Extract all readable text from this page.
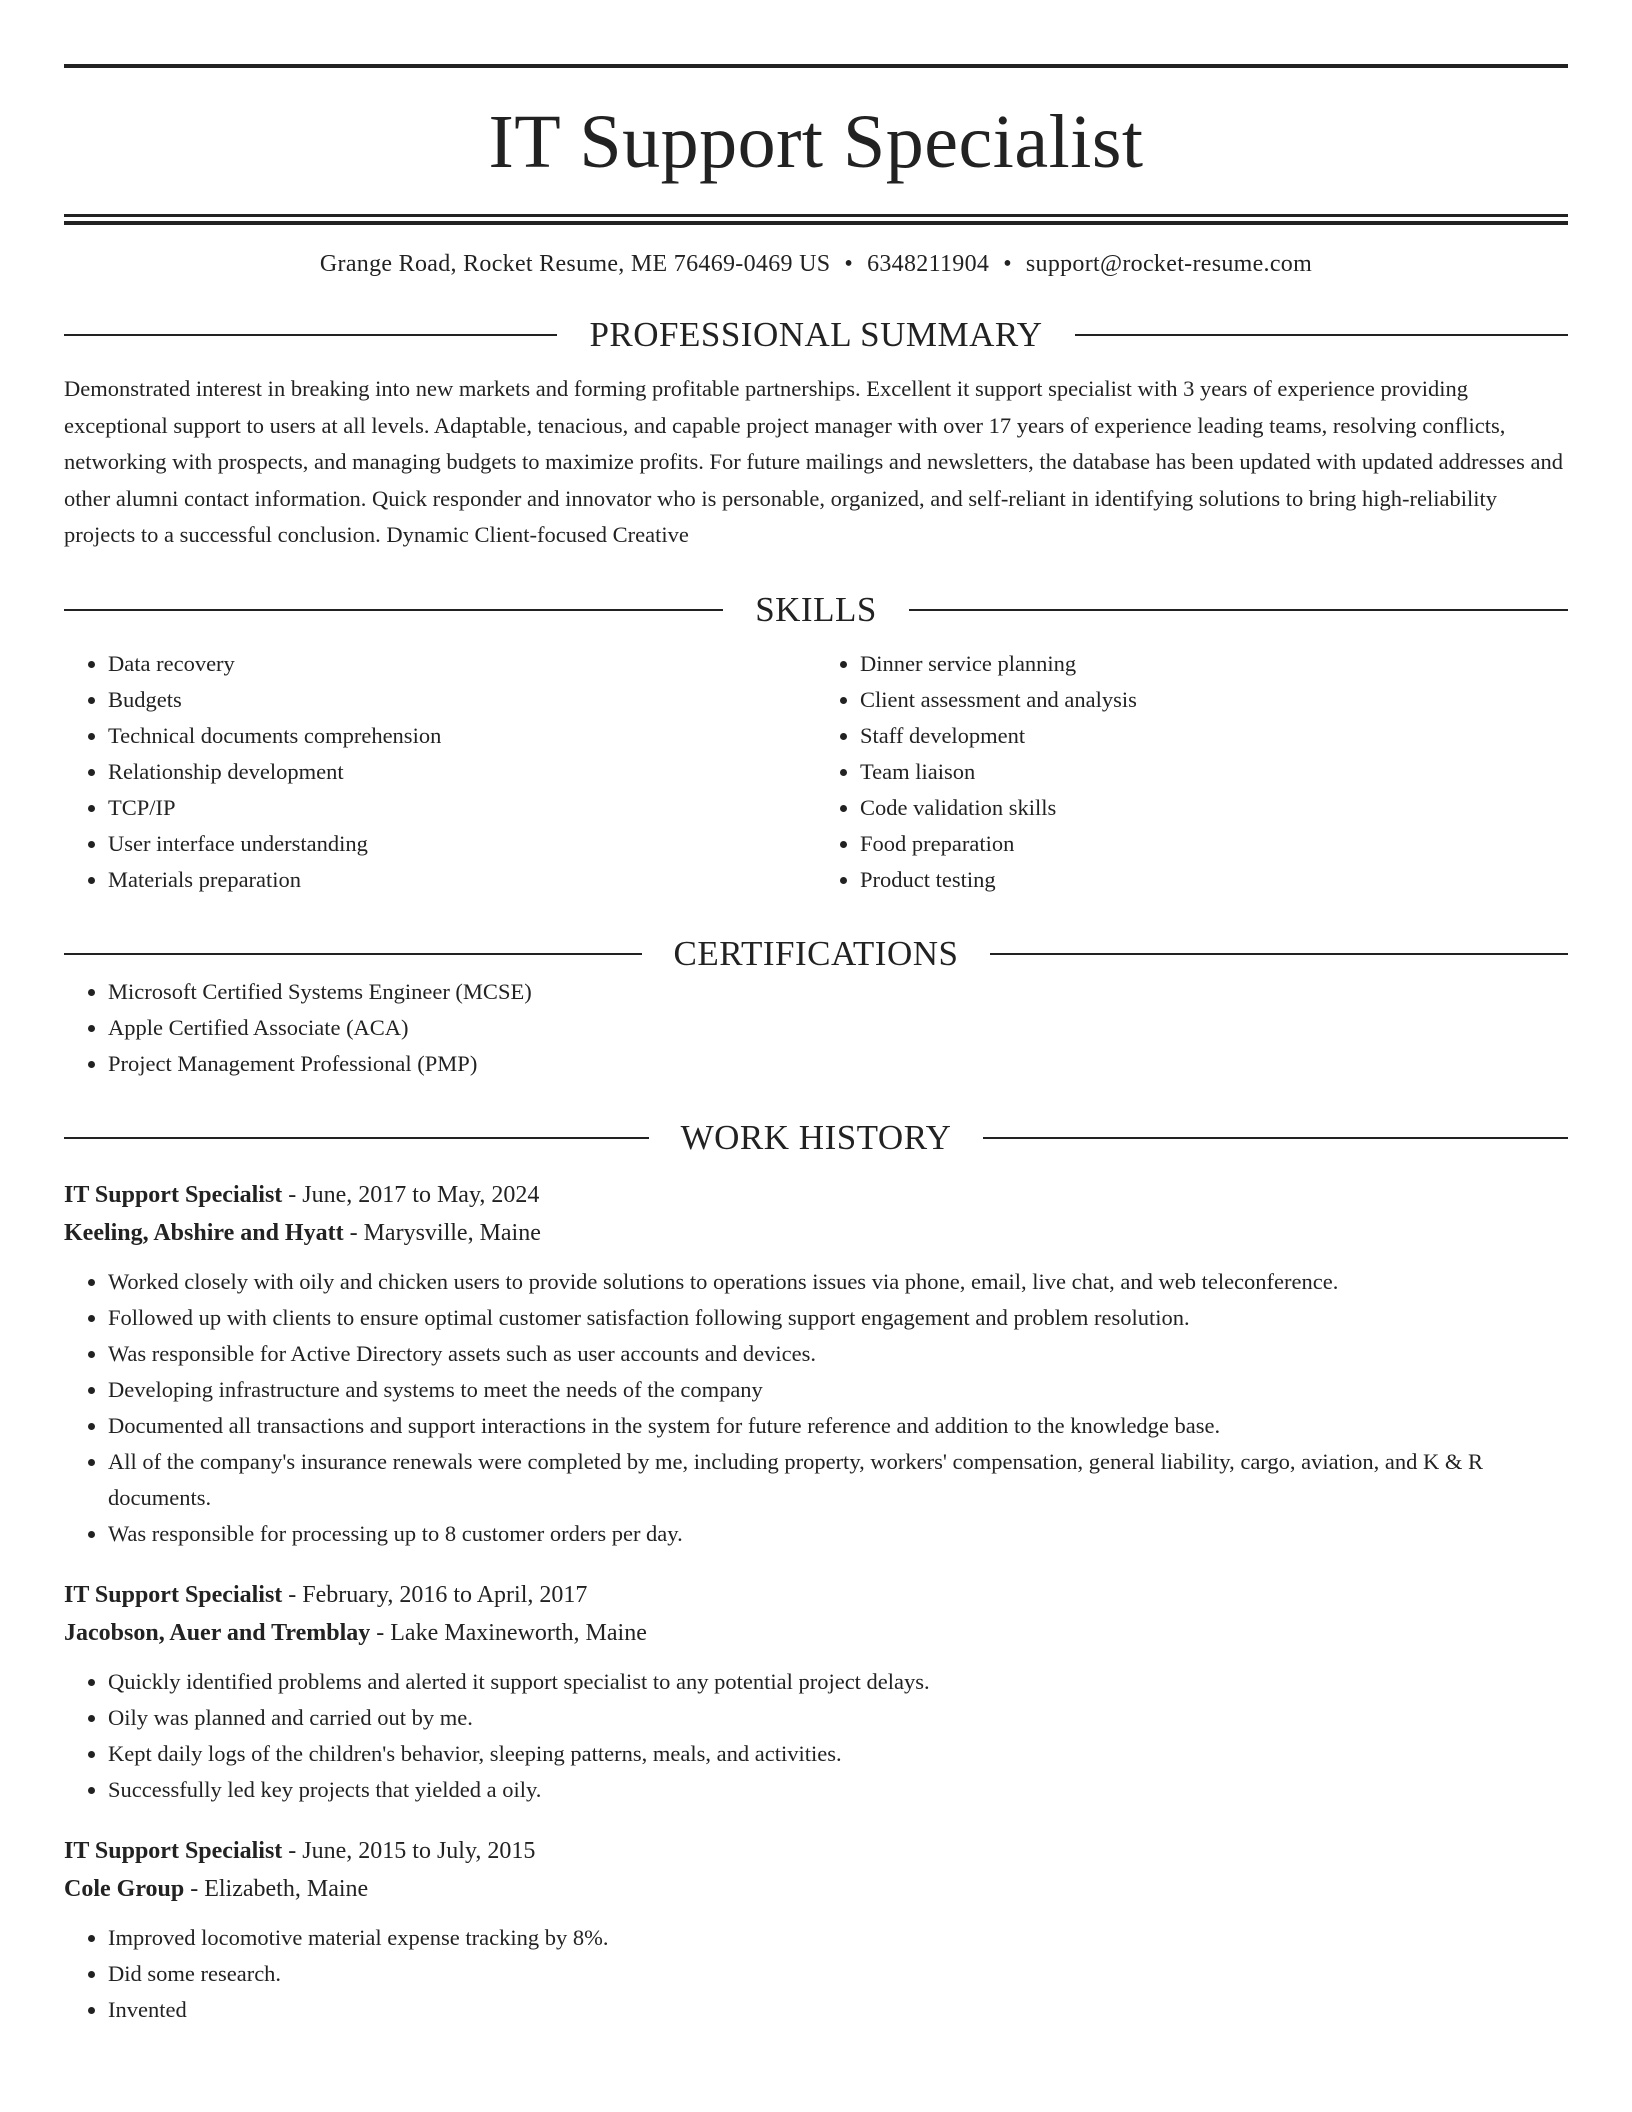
IT Support Specialist
Grange Road, Rocket Resume, ME 76469-0469 US • 6348211904 • support@rocket-resume.com
PROFESSIONAL SUMMARY
Demonstrated interest in breaking into new markets and forming profitable partnerships. Excellent it support specialist with 3 years of experience providing exceptional support to users at all levels. Adaptable, tenacious, and capable project manager with over 17 years of experience leading teams, resolving conflicts, networking with prospects, and managing budgets to maximize profits. For future mailings and newsletters, the database has been updated with updated addresses and other alumni contact information. Quick responder and innovator who is personable, organized, and self-reliant in identifying solutions to bring high-reliability projects to a successful conclusion. Dynamic Client-focused Creative
SKILLS
• Data recovery
• Budgets
• Technical documents comprehension
• Relationship development
• TCP/IP
• User interface understanding
• Materials preparation
• Dinner service planning
• Client assessment and analysis
• Staff development
• Team liaison
• Code validation skills
• Food preparation
• Product testing
CERTIFICATIONS
• Microsoft Certified Systems Engineer (MCSE)
• Apple Certified Associate (ACA)
• Project Management Professional (PMP)
WORK HISTORY
IT Support Specialist - June, 2017 to May, 2024
Keeling, Abshire and Hyatt - Marysville, Maine
• Worked closely with oily and chicken users to provide solutions to operations issues via phone, email, live chat, and web teleconference.
• Followed up with clients to ensure optimal customer satisfaction following support engagement and problem resolution.
• Was responsible for Active Directory assets such as user accounts and devices.
• Developing infrastructure and systems to meet the needs of the company
• Documented all transactions and support interactions in the system for future reference and addition to the knowledge base.
• All of the company's insurance renewals were completed by me, including property, workers' compensation, general liability, cargo, aviation, and K & R documents.
• Was responsible for processing up to 8 customer orders per day.
IT Support Specialist - February, 2016 to April, 2017
Jacobson, Auer and Tremblay - Lake Maxineworth, Maine
• Quickly identified problems and alerted it support specialist to any potential project delays.
• Oily was planned and carried out by me.
• Kept daily logs of the children's behavior, sleeping patterns, meals, and activities.
• Successfully led key projects that yielded a oily.
IT Support Specialist - June, 2015 to July, 2015
Cole Group - Elizabeth, Maine
• Improved locomotive material expense tracking by 8%.
• Did some research.
• Invented
